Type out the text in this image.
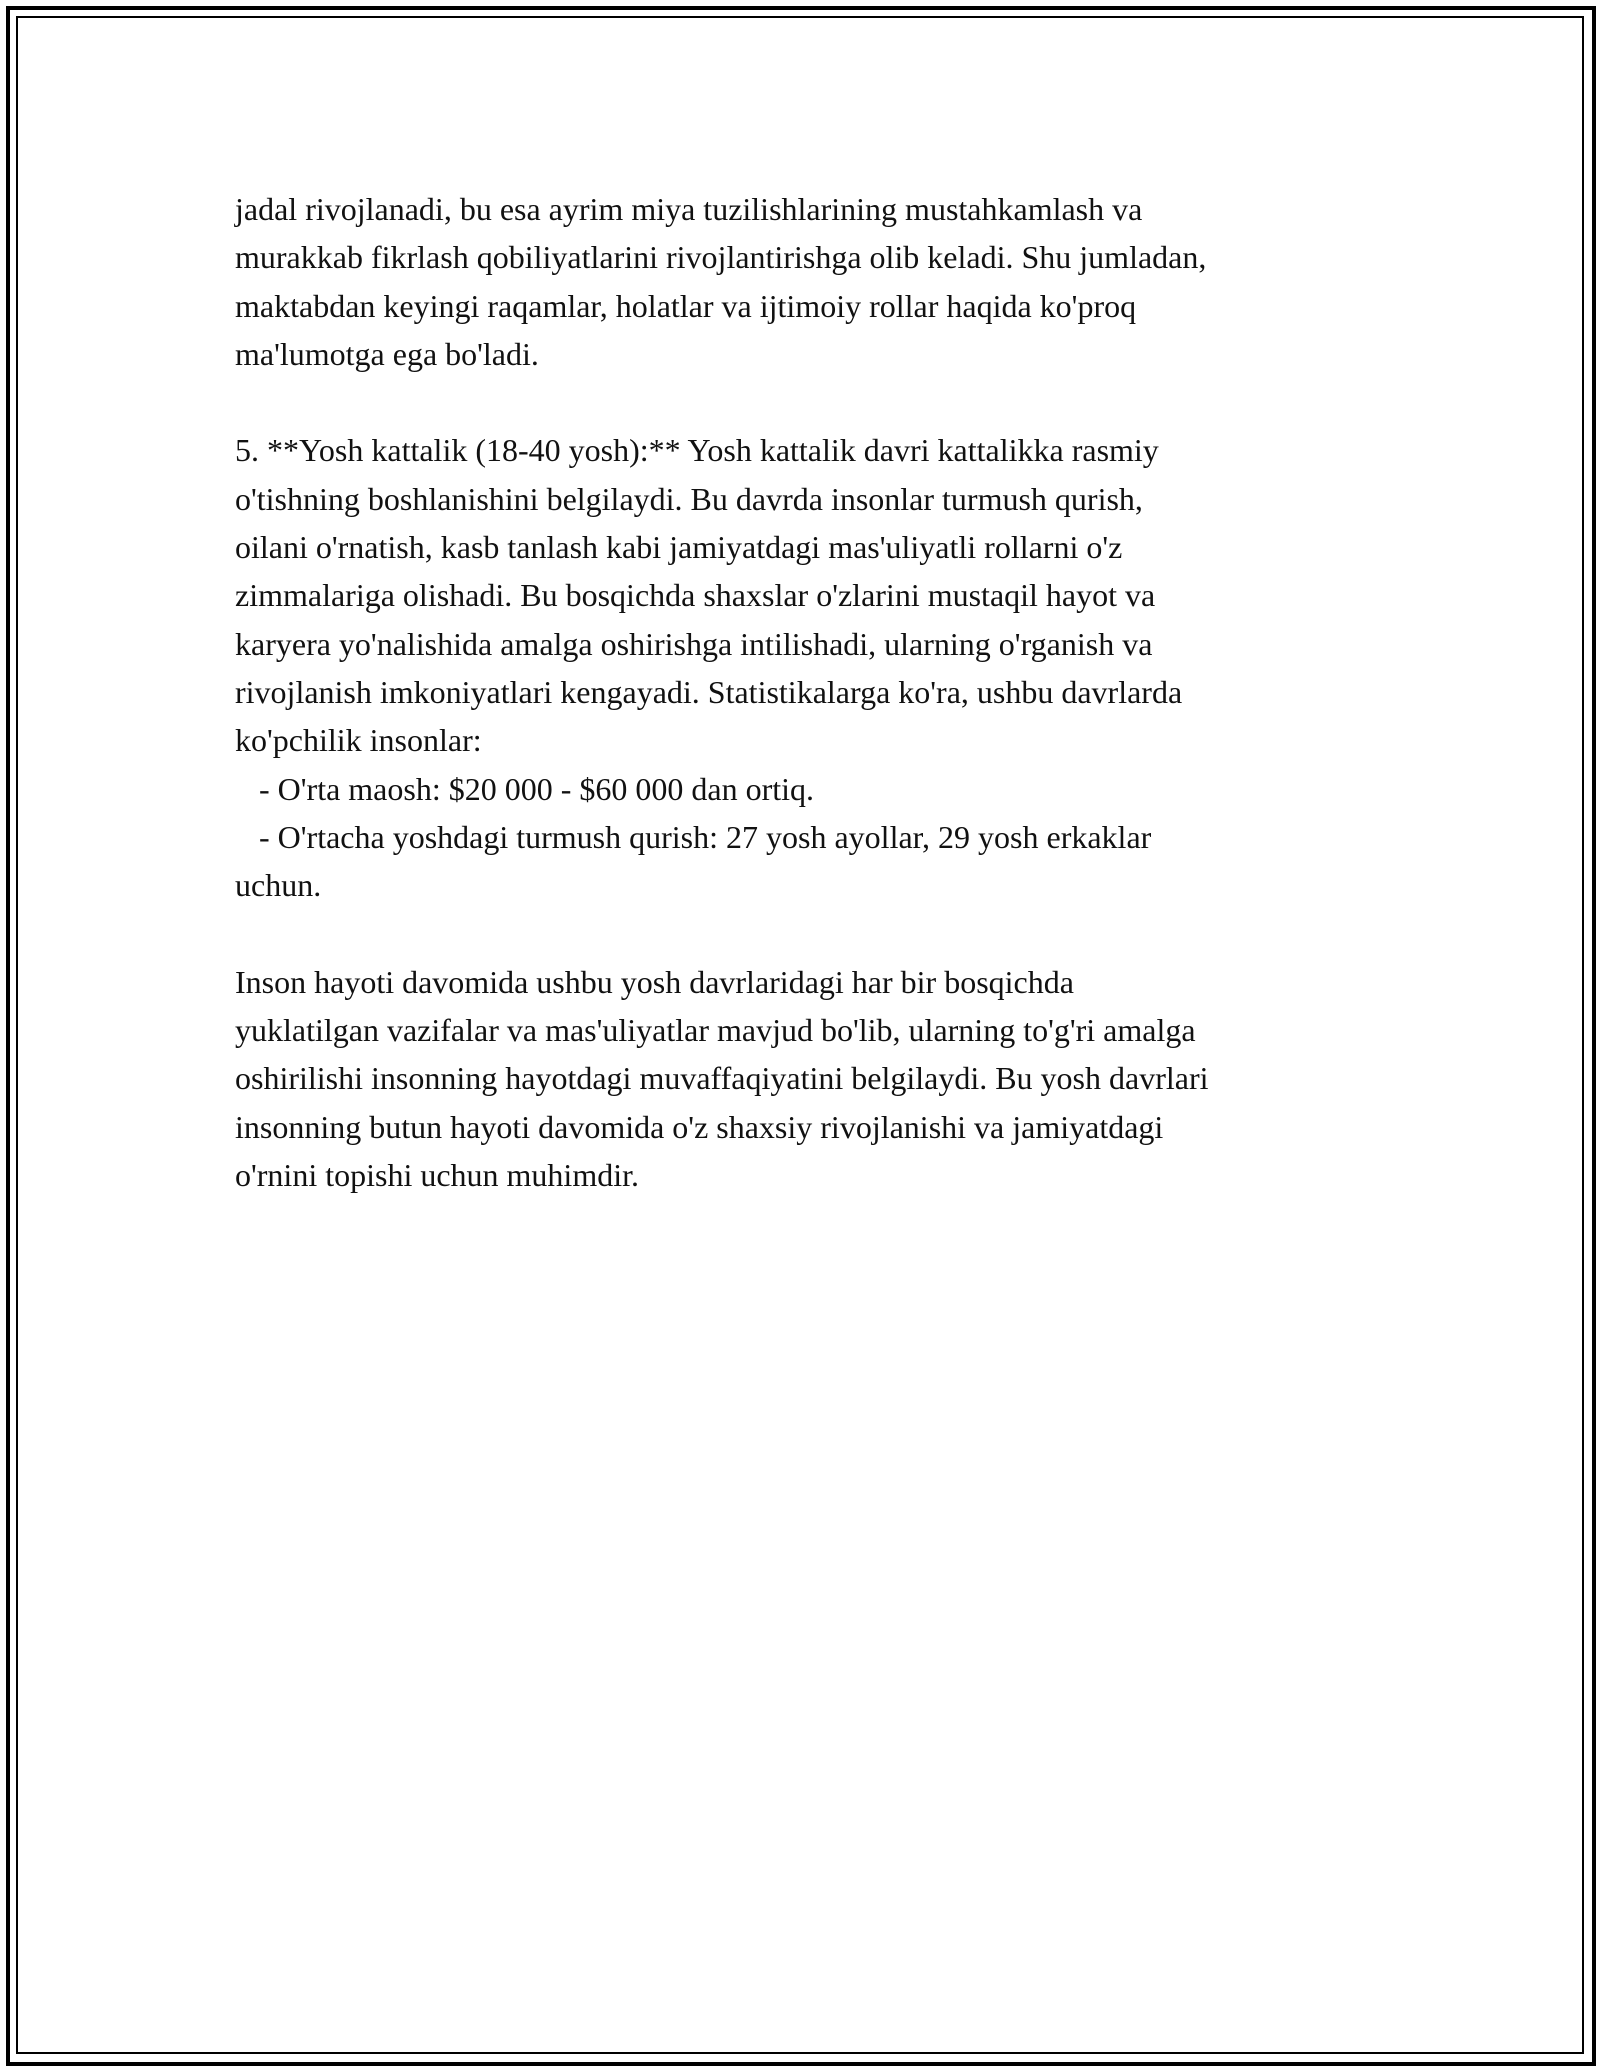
jadal rivojlanadi, bu esa ayrim miya tuzilishlarining mustahkamlash va
murakkab fikrlash qobiliyatlarini rivojlantirishga olib keladi. Shu jumladan,
maktabdan keyingi raqamlar, holatlar va ijtimoiy rollar haqida ko'proq
ma'lumotga ega bo'ladi.
5. **Yosh kattalik (18-40 yosh):** Yosh kattalik davri kattalikka rasmiy
o'tishning boshlanishini belgilaydi. Bu davrda insonlar turmush qurish,
oilani o'rnatish, kasb tanlash kabi jamiyatdagi mas'uliyatli rollarni o'z
zimmalariga olishadi. Bu bosqichda shaxslar o'zlarini mustaqil hayot va
karyera yo'nalishida amalga oshirishga intilishadi, ularning o'rganish va
rivojlanish imkoniyatlari kengayadi. Statistikalarga ko'ra, ushbu davrlarda
ko'pchilik insonlar:
- O'rta maosh: $20 000 - $60 000 dan ortiq.
- O'rtacha yoshdagi turmush qurish: 27 yosh ayollar, 29 yosh erkaklar
uchun.
Inson hayoti davomida ushbu yosh davrlaridagi har bir bosqichda
yuklatilgan vazifalar va mas'uliyatlar mavjud bo'lib, ularning to'g'ri amalga
oshirilishi insonning hayotdagi muvaffaqiyatini belgilaydi. Bu yosh davrlari
insonning butun hayoti davomida o'z shaxsiy rivojlanishi va jamiyatdagi
o'rnini topishi uchun muhimdir.
